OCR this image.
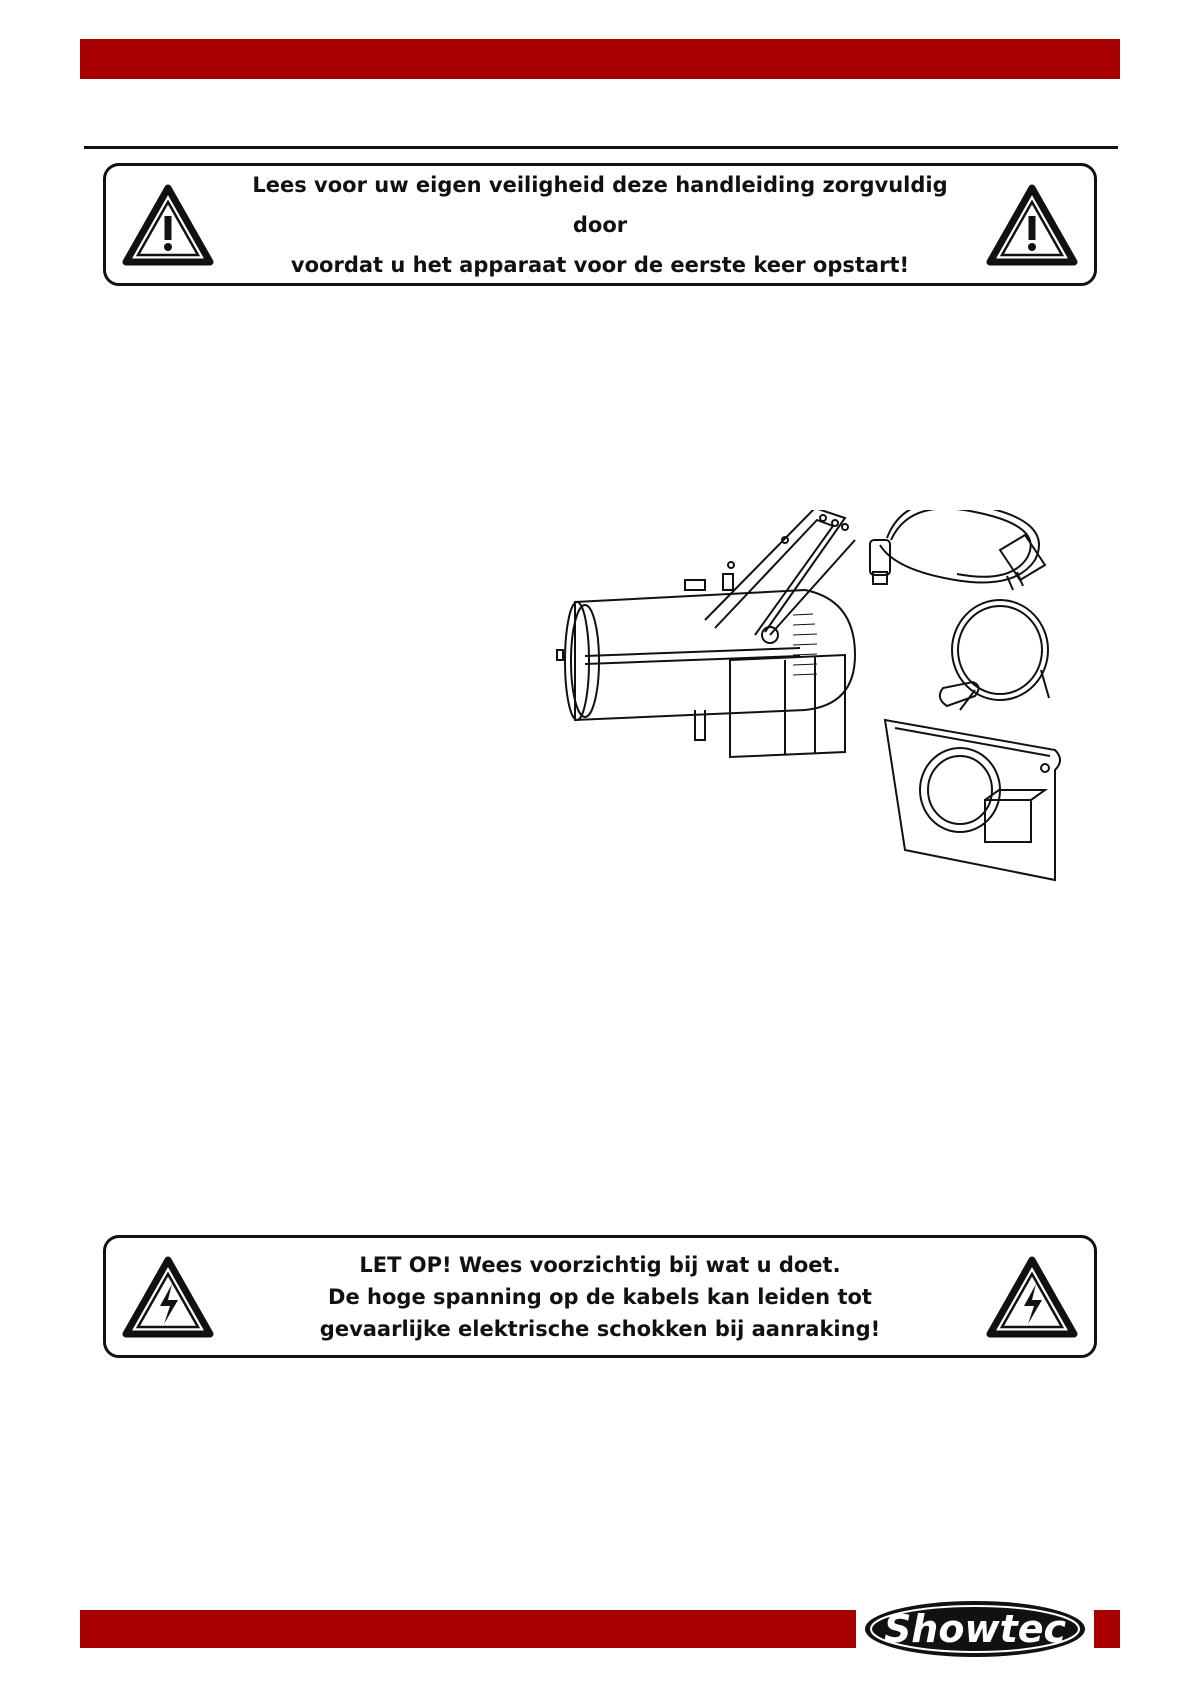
Lees voor uw eigen veiligheid deze handleiding zorgvuldig door
voordat u het apparaat voor de eerste keer opstart!
LET OP! Wees voorzichtig bij wat u doet.
De hoge spanning op de kabels kan leiden tot
gevaarlijke elektrische schokken bij aanraking!
Showtec
